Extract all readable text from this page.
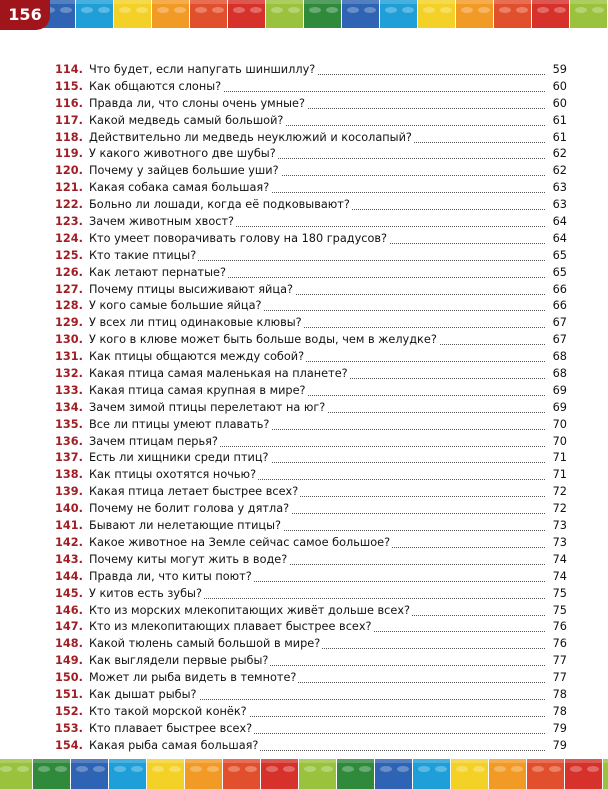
156
114. Что будет, если напугать шиншиллу?	59
115. Как общаются слоны?	60
116. Правда ли, что слоны очень умные?	60
117. Какой медведь самый большой?	61
118. Действительно ли медведь неуклюжий и косолапый?	61
119. У какого животного две шубы?	62
120. Почему у зайцев большие уши?	62
121. Какая собака самая большая?	63
122. Больно ли лошади, когда её подковывают?	63
123. Зачем животным хвост?	64
124. Кто умеет поворачивать голову на 180 градусов?	64
125. Кто такие птицы?	65
126. Как летают пернатые?	65
127. Почему птицы высиживают яйца?	66
128. У кого самые большие яйца?	66
129. У всех ли птиц одинаковые клювы?	67
130. У кого в клюве может быть больше воды, чем в желудке?	67
131. Как птицы общаются между собой?	68
132. Какая птица самая маленькая на планете?	68
133. Какая птица самая крупная в мире?	69
134. Зачем зимой птицы перелетают на юг?	69
135. Все ли птицы умеют плавать?	70
136. Зачем птицам перья?	70
137. Есть ли хищники среди птиц?	71
138. Как птицы охотятся ночью?	71
139. Какая птица летает быстрее всех?	72
140. Почему не болит голова у дятла?	72
141. Бывают ли нелетающие птицы?	73
142. Какое животное на Земле сейчас самое большое?	73
143. Почему киты могут жить в воде?	74
144. Правда ли, что киты поют?	74
145. У китов есть зубы?	75
146. Кто из морских млекопитающих живёт дольше всех?	75
147. Кто из млекопитающих плавает быстрее всех?	76
148. Какой тюлень самый большой в мире?	76
149. Как выглядели первые рыбы?	77
150. Может ли рыба видеть в темноте?	77
151. Как дышат рыбы?	78
152. Кто такой морской конёк?	78
153. Кто плавает быстрее всех?	79
154. Какая рыба самая большая?	79
